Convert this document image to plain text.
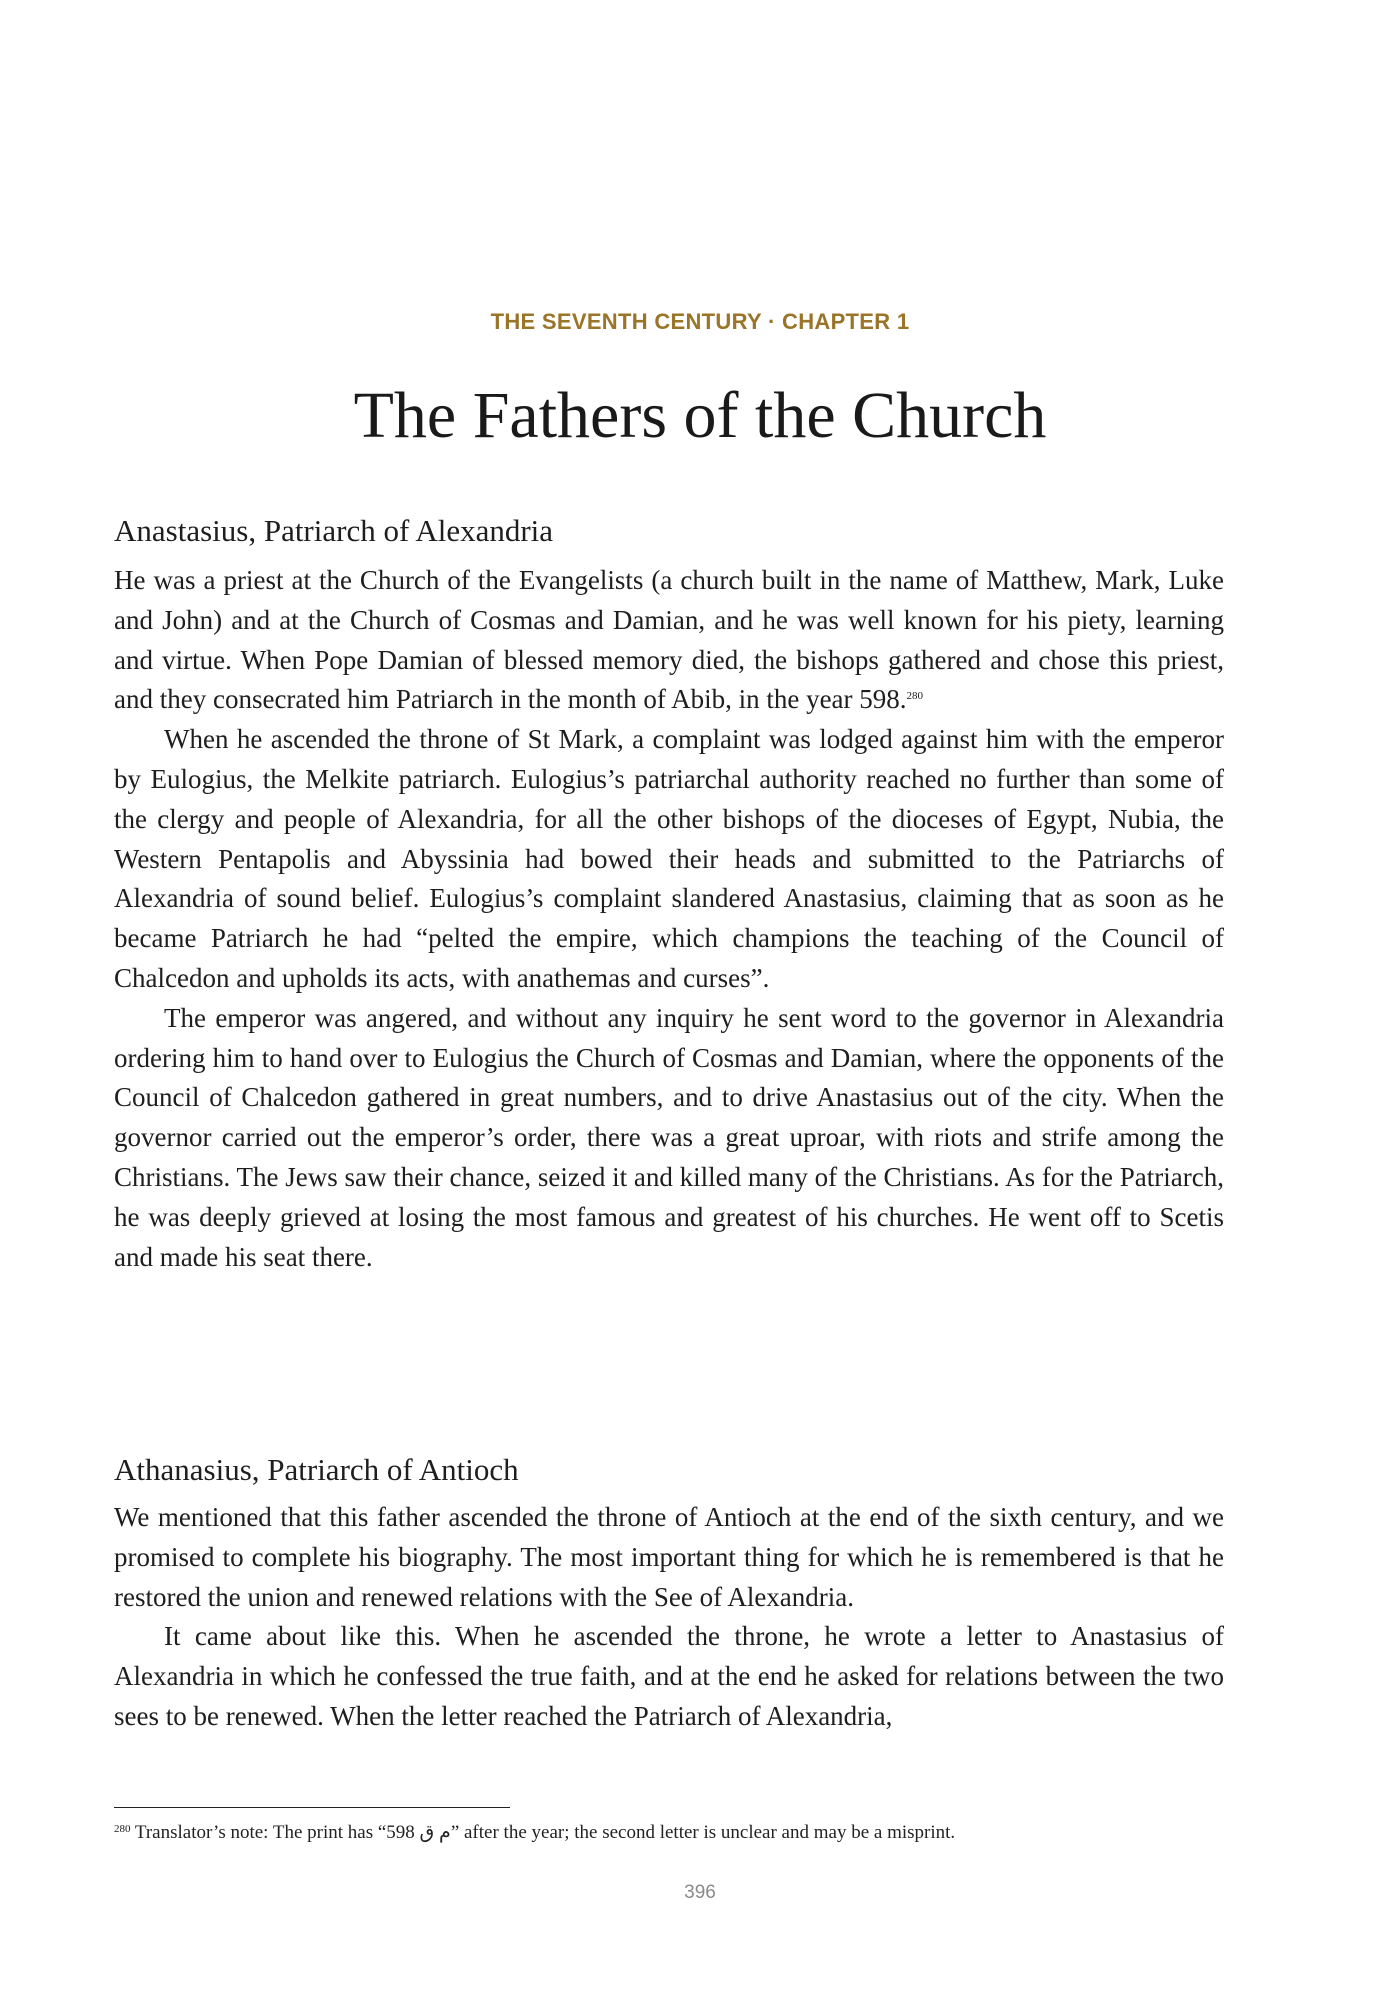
THE SEVENTH CENTURY · CHAPTER 1
The Fathers of the Church
Anastasius, Patriarch of Alexandria

He was a priest at the Church of the Evangelists (a church built in the name of Matthew, Mark, Luke and John) and at the Church of Cosmas and Damian, and he was well known for his piety, learning and virtue. When Pope Damian of blessed memory died, the bishops gathered and chose this priest, and they consecrated him Patriarch in the month of Abib, in the year 598.$^{280}$

When he ascended the throne of St Mark, a complaint was lodged against him with the emperor by Eulogius, the Melkite patriarch. Eulogius’s patriarchal authority reached no further than some of the clergy and people of Alexandria, for all the other bishops of the dioceses of Egypt, Nubia, the Western Pentapolis and Abyssinia had bowed their heads and submitted to the Patriarchs of Alexandria of sound belief. Eulogius’s complaint slandered Anastasius, claiming that as soon as he became Patriarch he had “pelted the empire, which champions the teaching of the Council of Chalcedon and upholds its acts, with anathemas and curses”.

The emperor was angered, and without any inquiry he sent word to the governor in Alexandria ordering him to hand over to Eulogius the Church of Cosmas and Damian, where the opponents of the Council of Chalcedon gathered in great numbers, and to drive Anastasius out of the city. When the governor carried out the emperor’s order, there was a great uproar, with riots and strife among the Christians. The Jews saw their chance, seized it and killed many of the Christians. As for the Patriarch, he was deeply grieved at losing the most famous and greatest of his churches. He went off to Scetis and made his seat there.

Athanasius, Patriarch of Antioch

We mentioned that this father ascended the throne of Antioch at the end of the sixth century, and we promised to complete his biography. The most important thing for which he is remembered is that he restored the union and renewed relations with the See of Alexandria.

It came about like this. When he ascended the throne, he wrote a letter to Anastasius of Alexandria in which he confessed the true faith, and at the end he asked for relations between the two sees to be renewed. When the letter reached the Patriarch of Alexandria,

$^{280}$ Translator’s note: The print has “598 م ق” after the year; the second letter is unclear and may be a misprint.
396
